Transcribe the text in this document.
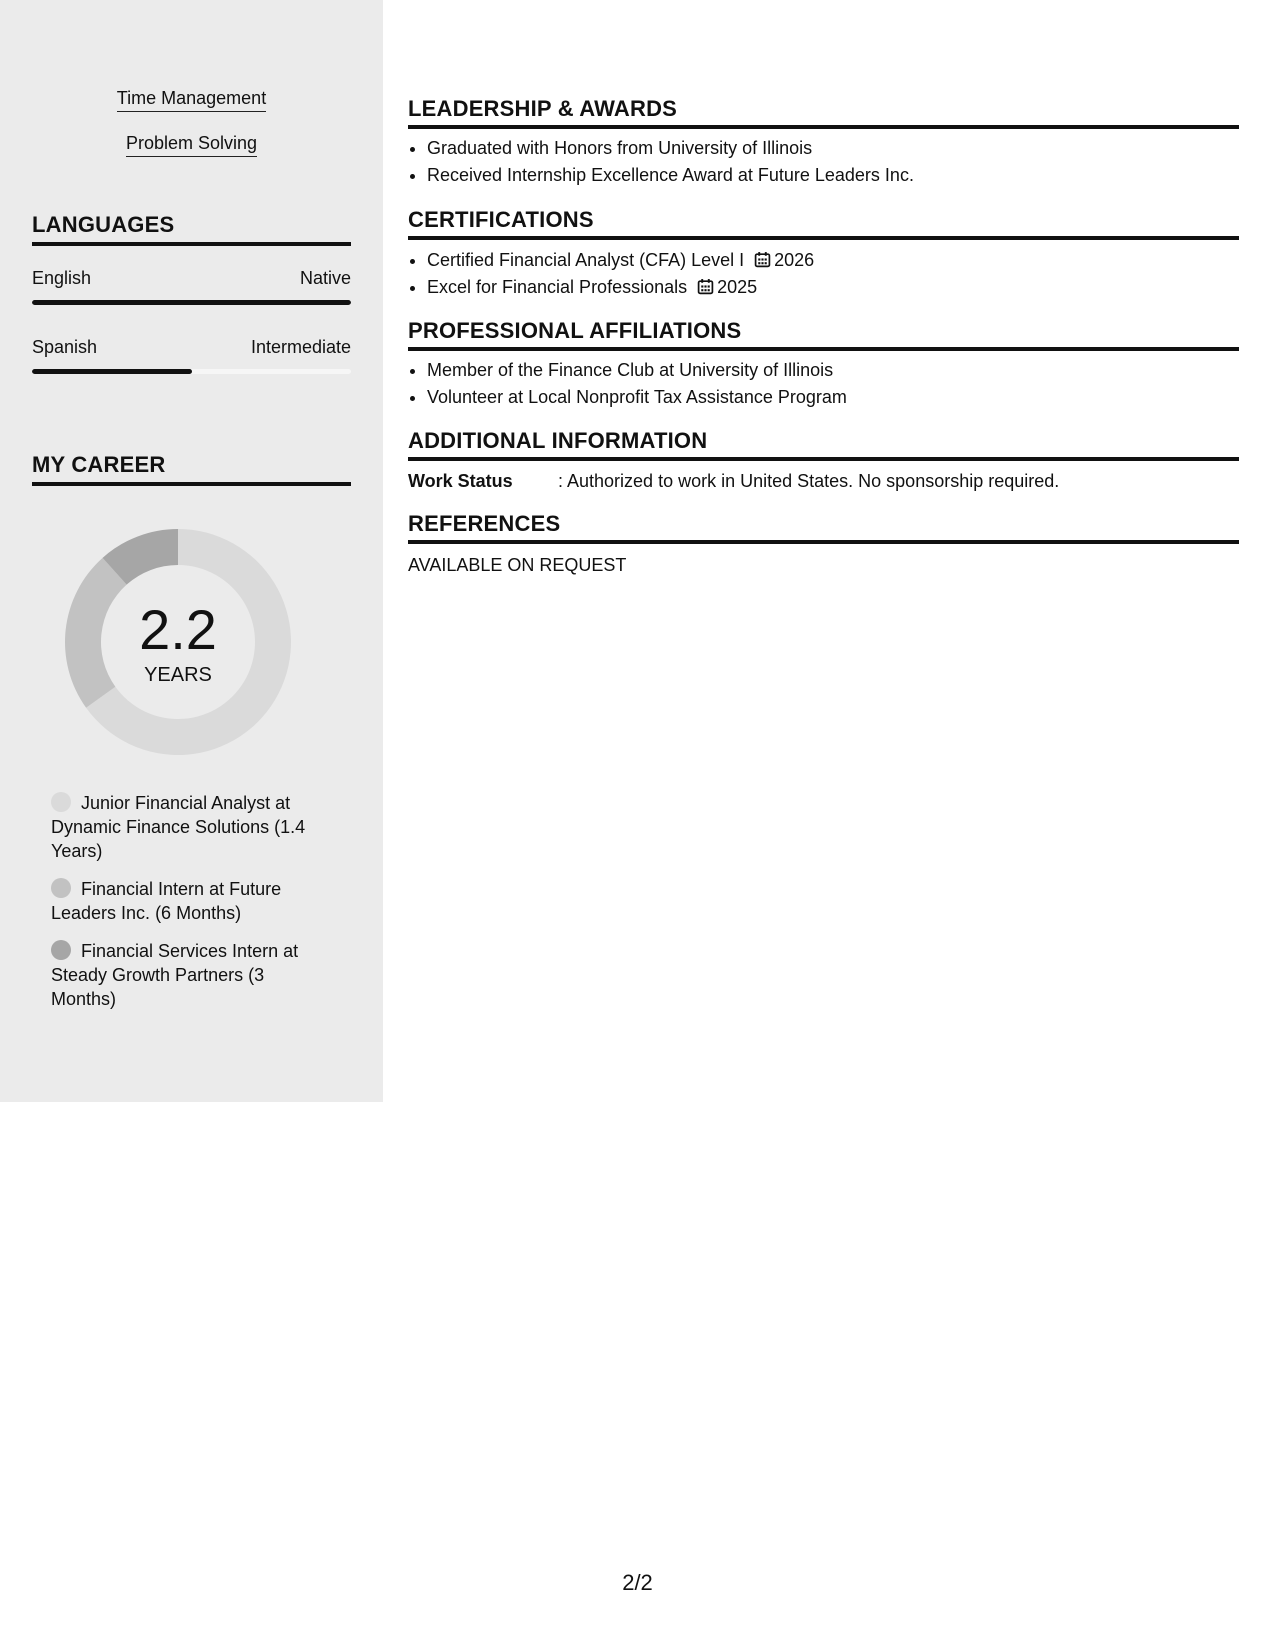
Time Management
Problem Solving
LANGUAGES
English	Native
Spanish	Intermediate
MY CAREER
2.2
YEARS
Junior Financial Analyst at Dynamic Finance Solutions (1.4 Years)
Financial Intern at Future Leaders Inc. (6 Months)
Financial Services Intern at Steady Growth Partners (3 Months)
LEADERSHIP & AWARDS
• Graduated with Honors from University of Illinois
• Received Internship Excellence Award at Future Leaders Inc.
CERTIFICATIONS
• Certified Financial Analyst (CFA) Level I 2026
• Excel for Financial Professionals 2025
PROFESSIONAL AFFILIATIONS
• Member of the Finance Club at University of Illinois
• Volunteer at Local Nonprofit Tax Assistance Program
ADDITIONAL INFORMATION
Work Status	: Authorized to work in United States. No sponsorship required.
REFERENCES
AVAILABLE ON REQUEST
2/2
